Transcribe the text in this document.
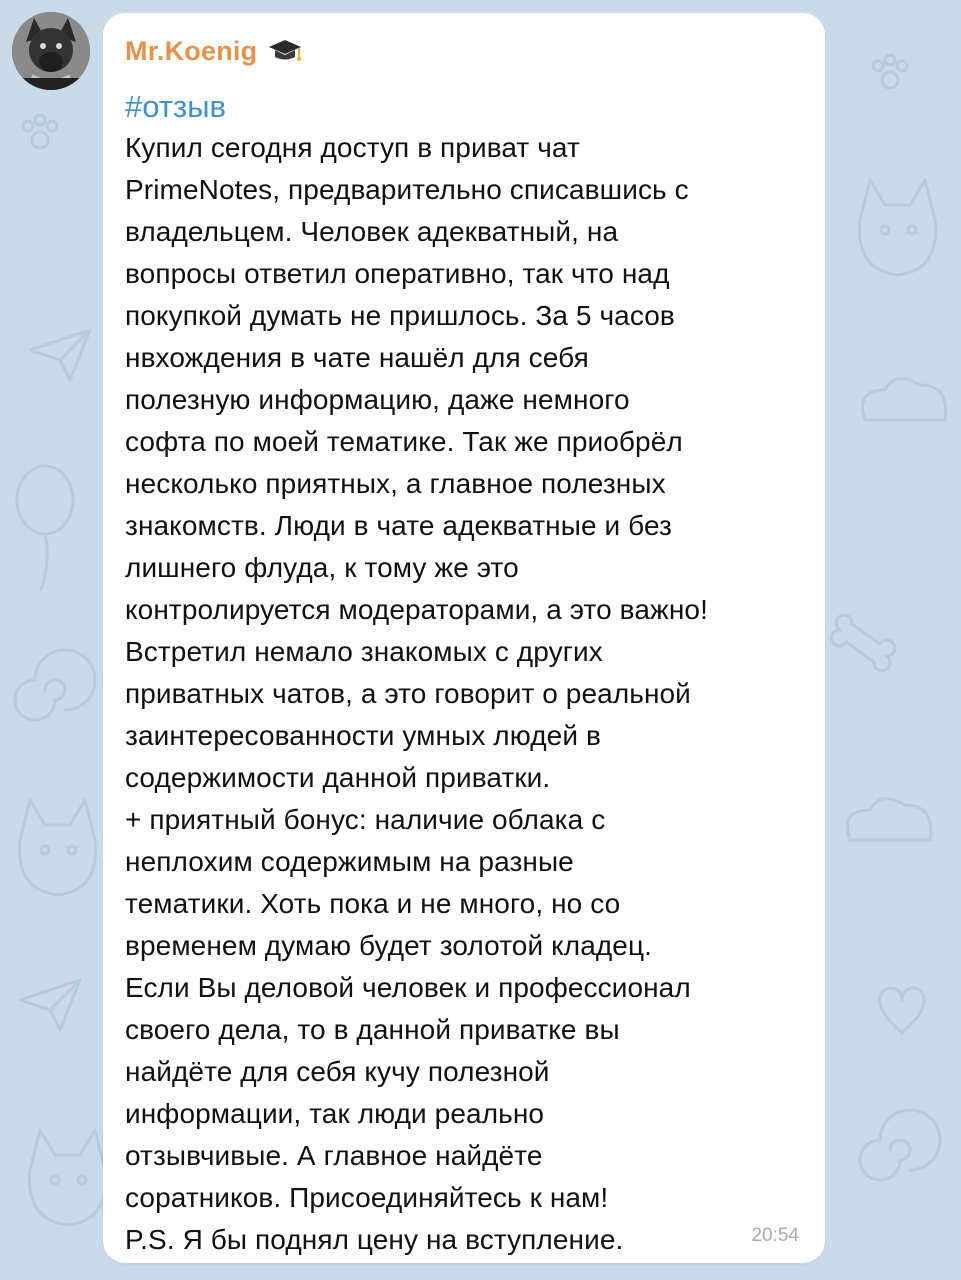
Mr.Koenig
#отзыв

Купил сегодня доступ в приват чат
PrimeNotes, предварительно списавшись с
владельцем. Человек адекватный, на
вопросы ответил оперативно, так что над
покупкой думать не пришлось. За 5 часов
нвхождения в чате нашёл для себя
полезную информацию, даже немного
софта по моей тематике. Так же приобрёл
несколько приятных, а главное полезных
знакомств. Люди в чате адекватные и без
лишнего флуда, к тому же это
контролируется модераторами, а это важно!
Встретил немало знакомых с других
приватных чатов, а это говорит о реальной
заинтересованности умных людей в
содержимости данной приватки.
+ приятный бонус: наличие облака с
неплохим содержимым на разные
тематики. Хоть пока и не много, но со
временем думаю будет золотой кладец.
Если Вы деловой человек и профессионал
своего дела, то в данной приватке вы
найдёте для себя кучу полезной
информации, так люди реально
отзывчивые. А главное найдёте
соратников. Присоединяйтесь к нам!
P.S. Я бы поднял цену на вступление.	20:54
